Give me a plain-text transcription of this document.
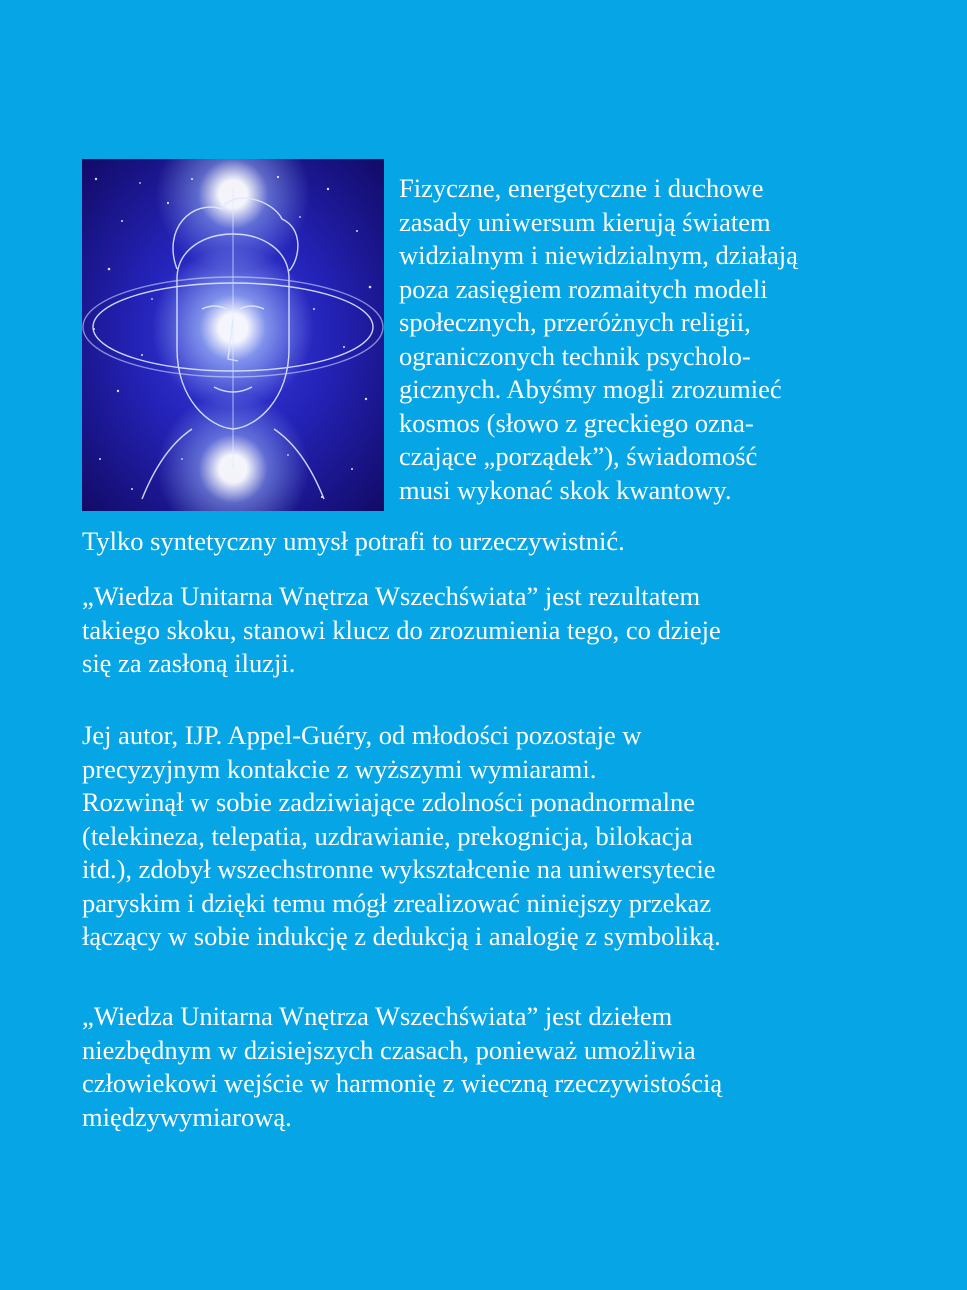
Fizyczne, energetyczne i duchowe
zasady uniwersum kierują światem
widzialnym i niewidzialnym, działają
poza zasięgiem rozmaitych modeli
społecznych, przeróżnych religii,
ograniczonych technik psycholo-
gicznych. Abyśmy mogli zrozumieć
kosmos (słowo z greckiego ozna-
czające „porządek”), świadomość
musi wykonać skok kwantowy.
Tylko syntetyczny umysł potrafi to urzeczywistnić.
„Wiedza Unitarna Wnętrza Wszechświata” jest rezultatem
takiego skoku, stanowi klucz do zrozumienia tego, co dzieje
się za zasłoną iluzji.
Jej autor, IJP. Appel-Guéry, od młodości pozostaje w
precyzyjnym kontakcie z wyższymi wymiarami.
Rozwinął w sobie zadziwiające zdolności ponadnormalne
(telekineza, telepatia, uzdrawianie, prekognicja, bilokacja
itd.), zdobył wszechstronne wykształcenie na uniwersytecie
paryskim i dzięki temu mógł zrealizować niniejszy przekaz
łączący w sobie indukcję z dedukcją i analogię z symboliką.
„Wiedza Unitarna Wnętrza Wszechświata” jest dziełem
niezbędnym w dzisiejszych czasach, ponieważ umożliwia
człowiekowi wejście w harmonię z wieczną rzeczywistością
międzywymiarową.
